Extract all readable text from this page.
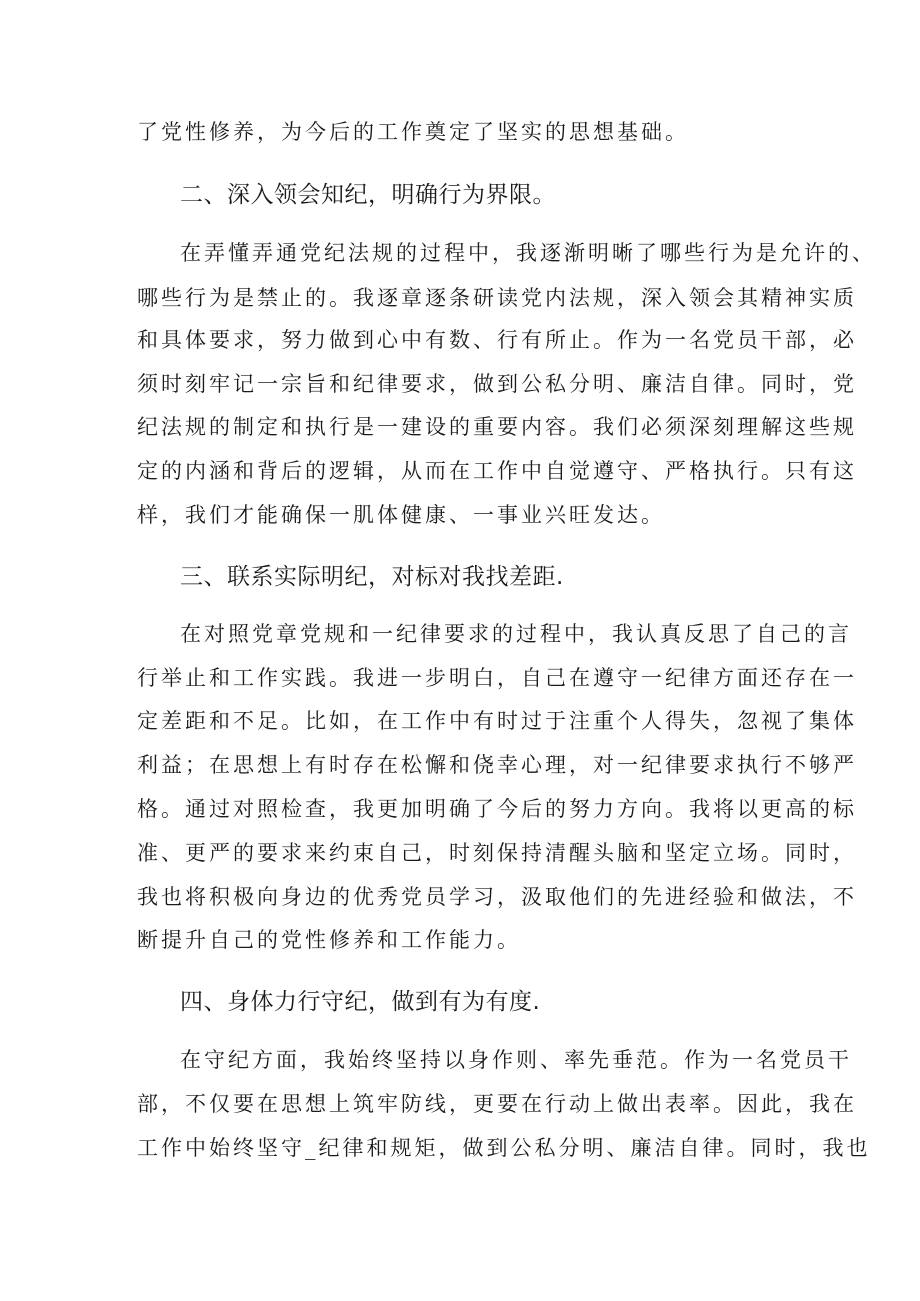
了党性修养，为今后的工作奠定了坚实的思想基础。
二、深入领会知纪，明确行为界限。
在弄懂弄通党纪法规的过程中，我逐渐明晰了哪些行为是允许的、
哪些行为是禁止的。我逐章逐条研读党内法规，深入领会其精神实质
和具体要求，努力做到心中有数、行有所止。作为一名党员干部，必
须时刻牢记一宗旨和纪律要求，做到公私分明、廉洁自律。同时，党
纪法规的制定和执行是一建设的重要内容。我们必须深刻理解这些规
定的内涵和背后的逻辑，从而在工作中自觉遵守、严格执行。只有这
样，我们才能确保一肌体健康、一事业兴旺发达。
三、联系实际明纪，对标对我找差距.
在对照党章党规和一纪律要求的过程中，我认真反思了自己的言
行举止和工作实践。我进一步明白，自己在遵守一纪律方面还存在一
定差距和不足。比如，在工作中有时过于注重个人得失，忽视了集体
利益；在思想上有时存在松懈和侥幸心理，对一纪律要求执行不够严
格。通过对照检查，我更加明确了今后的努力方向。我将以更高的标
准、更严的要求来约束自己，时刻保持清醒头脑和坚定立场。同时，
我也将积极向身边的优秀党员学习，汲取他们的先进经验和做法，不
断提升自己的党性修养和工作能力。
四、身体力行守纪，做到有为有度.
在守纪方面，我始终坚持以身作则、率先垂范。作为一名党员干
部，不仅要在思想上筑牢防线，更要在行动上做出表率。因此，我在
工作中始终坚守_纪律和规矩，做到公私分明、廉洁自律。同时，我也
